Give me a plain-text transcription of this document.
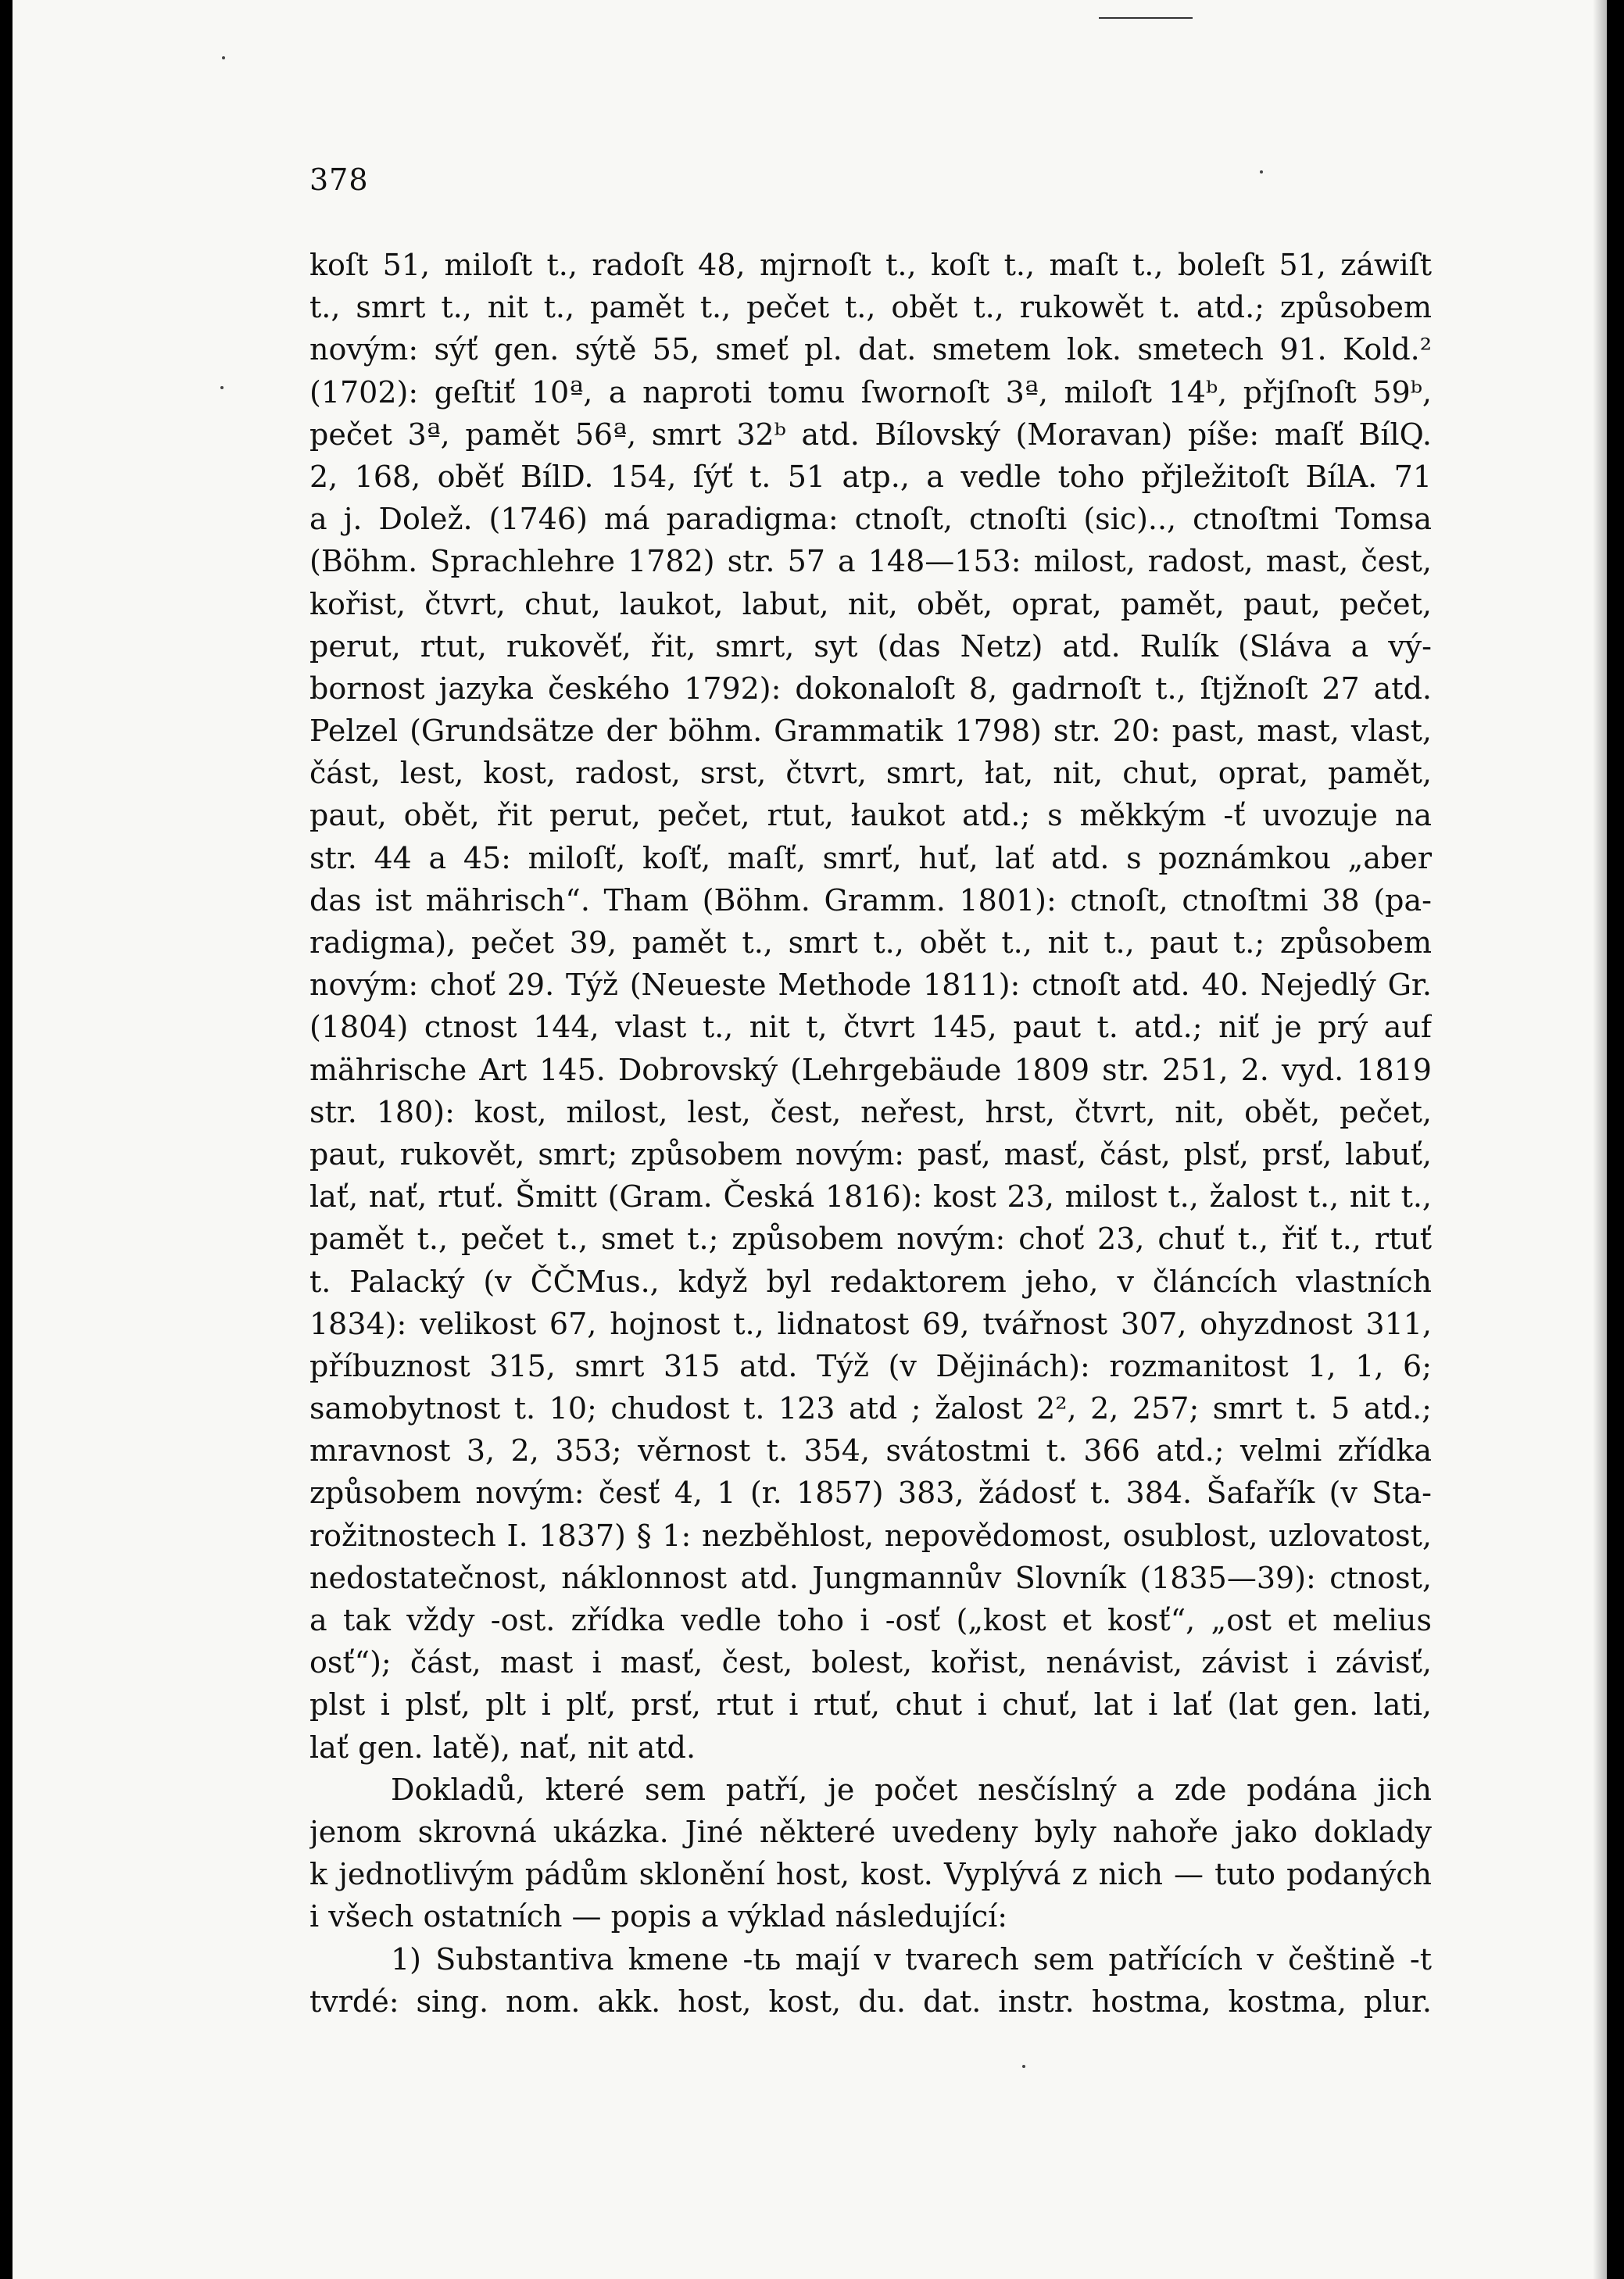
378
koſt 51, miloſt t., radoſt 48, mjrnoſt t., koſt t., maſt t., boleſt 51, záwiſt
t., smrt t., nit t., pamět t., pečet t., obět t., rukowět t. atd.; způsobem
novým: sýť gen. sýtě 55, smeť pl. dat. smetem lok. smetech 91. Kold.²
(1702): geſtiť 10ª, a naproti tomu ſwornoſt 3ª, miloſt 14ᵇ, přjſnoſt 59ᵇ,
pečet 3ª, pamět 56ª, smrt 32ᵇ atd. Bílovský (Moravan) píše: maſť BílQ.
2, 168, oběť BílD. 154, ſýť t. 51 atp., a vedle toho přjležitoſt BílA. 71
a j. Dolež. (1746) má paradigma: ctnoſt, ctnoſti (sic).., ctnoſtmi Tomsa
(Böhm. Sprachlehre 1782) str. 57 a 148—153: milost, radost, mast, čest,
kořist, čtvrt, chut, laukot, labut, nit, obět, oprat, pamět, paut, pečet,
perut, rtut, rukověť, řit, smrt, syt (das Netz) atd. Rulík (Sláva a vý-
bornost jazyka českého 1792): dokonaloſt 8, gadrnoſt t., ſtjžnoſt 27 atd.
Pelzel (Grundsätze der böhm. Grammatik 1798) str. 20: past, mast, vlast,
část, lest, kost, radost, srst, čtvrt, smrt, łat, nit, chut, oprat, pamět,
paut, obět, řit perut, pečet, rtut, łaukot atd.; s měkkým -ť uvozuje na
str. 44 a 45: miloſť, koſť, maſť, smrť, huť, lať atd. s poznámkou „aber
das ist mährisch“. Tham (Böhm. Gramm. 1801): ctnoſt, ctnoſtmi 38 (pa-
radigma), pečet 39, pamět t., smrt t., obět t., nit t., paut t.; způsobem
novým: choť 29. Týž (Neueste Methode 1811): ctnoſt atd. 40. Nejedlý Gr.
(1804) ctnost 144, vlast t., nit t, čtvrt 145, paut t. atd.; niť je prý auf
mährische Art 145. Dobrovský (Lehrgebäude 1809 str. 251, 2. vyd. 1819
str. 180): kost, milost, lest, čest, neřest, hrst, čtvrt, nit, obět, pečet,
paut, rukovět, smrt; způsobem novým: pasť, masť, část, plsť, prsť, labuť,
lať, nať, rtuť. Šmitt (Gram. Česká 1816): kost 23, milost t., žalost t., nit t.,
pamět t., pečet t., smet t.; způsobem novým: choť 23, chuť t., řiť t., rtuť
t. Palacký (v ČČMus., když byl redaktorem jeho, v článcích vlastních
1834): velikost 67, hojnost t., lidnatost 69, tvářnost 307, ohyzdnost 311,
příbuznost 315, smrt 315 atd. Týž (v Dějinách): rozmanitost 1, 1, 6;
samobytnost t. 10; chudost t. 123 atd ; žalost 2², 2, 257; smrt t. 5 atd.;
mravnost 3, 2, 353; věrnost t. 354, svátostmi t. 366 atd.; velmi zřídka
způsobem novým: česť 4, 1 (r. 1857) 383, žádosť t. 384. Šafařík (v Sta-
rožitnostech I. 1837) § 1: nezběhlost, nepovědomost, osublost, uzlovatost,
nedostatečnost, náklonnost atd. Jungmannův Slovník (1835—39): ctnost,
a tak vždy -ost. zřídka vedle toho i -osť („kost et kosť“, „ost et melius
osť“); část, mast i masť, čest, bolest, kořist, nenávist, závist i závisť,
plst i plsť, plt i plť, prsť, rtut i rtuť, chut i chuť, lat i lať (lat gen. lati,
lať gen. latě), nať, nit atd.
Dokladů, které sem patří, je počet nesčíslný a zde podána jich
jenom skrovná ukázka. Jiné některé uvedeny byly nahoře jako doklady
k jednotlivým pádům sklonění host, kost. Vyplývá z nich — tuto podaných
i všech ostatních — popis a výklad následující:
1) Substantiva kmene -tь mají v tvarech sem patřících v češtině -t
tvrdé: sing. nom. akk. host, kost, du. dat. instr. hostma, kostma, plur.
